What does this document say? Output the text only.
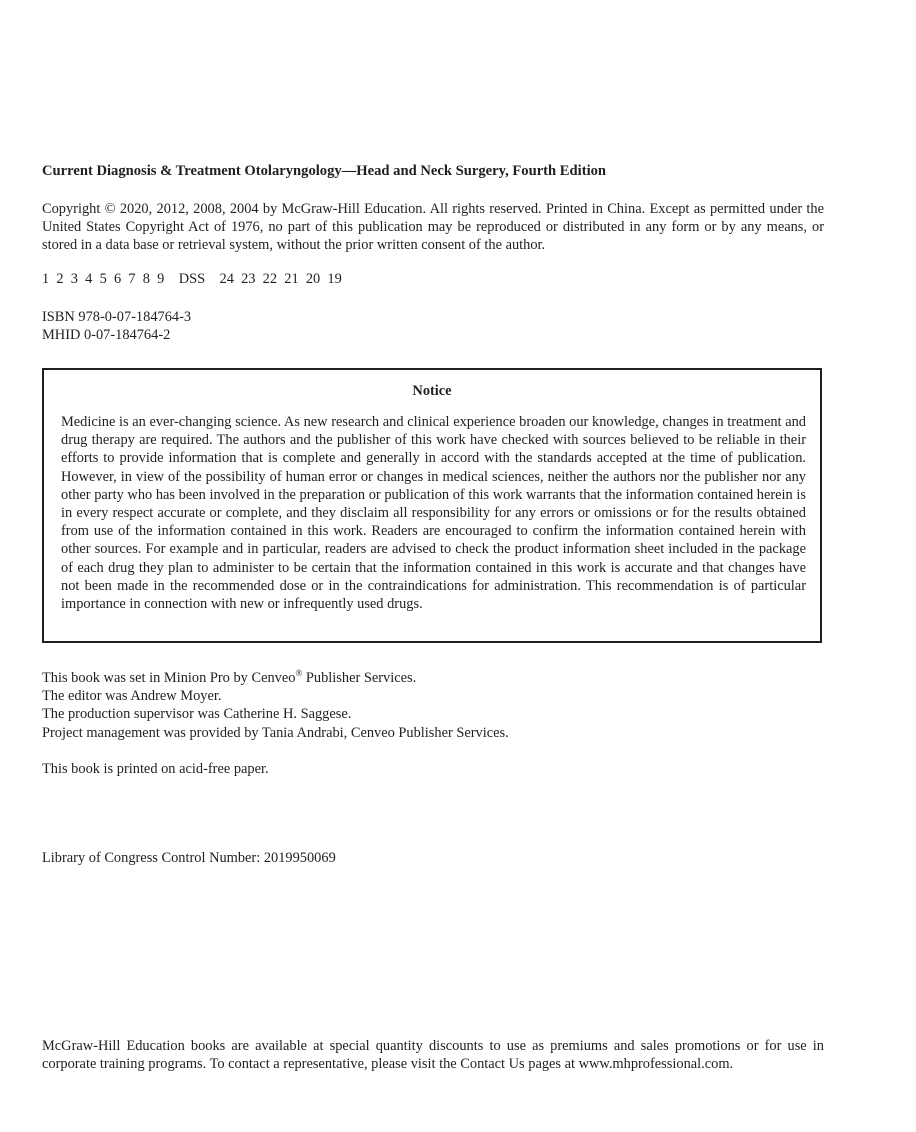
Current Diagnosis & Treatment Otolaryngology—Head and Neck Surgery, Fourth Edition
Copyright © 2020, 2012, 2008, 2004 by McGraw-Hill Education. All rights reserved. Printed in China. Except as permitted under the United States Copyright Act of 1976, no part of this publication may be reproduced or distributed in any form or by any means, or stored in a data base or retrieval system, without the prior written consent of the author.
1  2  3  4  5  6  7  8  9    DSS    24  23  22  21  20  19
ISBN 978-0-07-184764-3
MHID 0-07-184764-2
Notice
Medicine is an ever-changing science. As new research and clinical experience broaden our knowledge, changes in treatment and drug therapy are required. The authors and the publisher of this work have checked with sources believed to be reliable in their efforts to provide information that is complete and generally in accord with the standards accepted at the time of publication. However, in view of the possibility of human error or changes in medical sciences, neither the authors nor the publisher nor any other party who has been involved in the preparation or publication of this work warrants that the information contained herein is in every respect accurate or complete, and they disclaim all responsibility for any errors or omissions or for the results obtained from use of the information contained in this work. Readers are encouraged to confirm the information contained herein with other sources. For example and in particular, readers are advised to check the product information sheet included in the package of each drug they plan to administer to be certain that the information contained in this work is accurate and that changes have not been made in the recommended dose or in the contraindications for administration. This recommendation is of particular importance in connection with new or infrequently used drugs.
This book was set in Minion Pro by Cenveo® Publisher Services.
The editor was Andrew Moyer.
The production supervisor was Catherine H. Saggese.
Project management was provided by Tania Andrabi, Cenveo Publisher Services.
This book is printed on acid-free paper.
Library of Congress Control Number: 2019950069
McGraw-Hill Education books are available at special quantity discounts to use as premiums and sales promotions or for use in corporate training programs. To contact a representative, please visit the Contact Us pages at www.mhprofessional.com.
